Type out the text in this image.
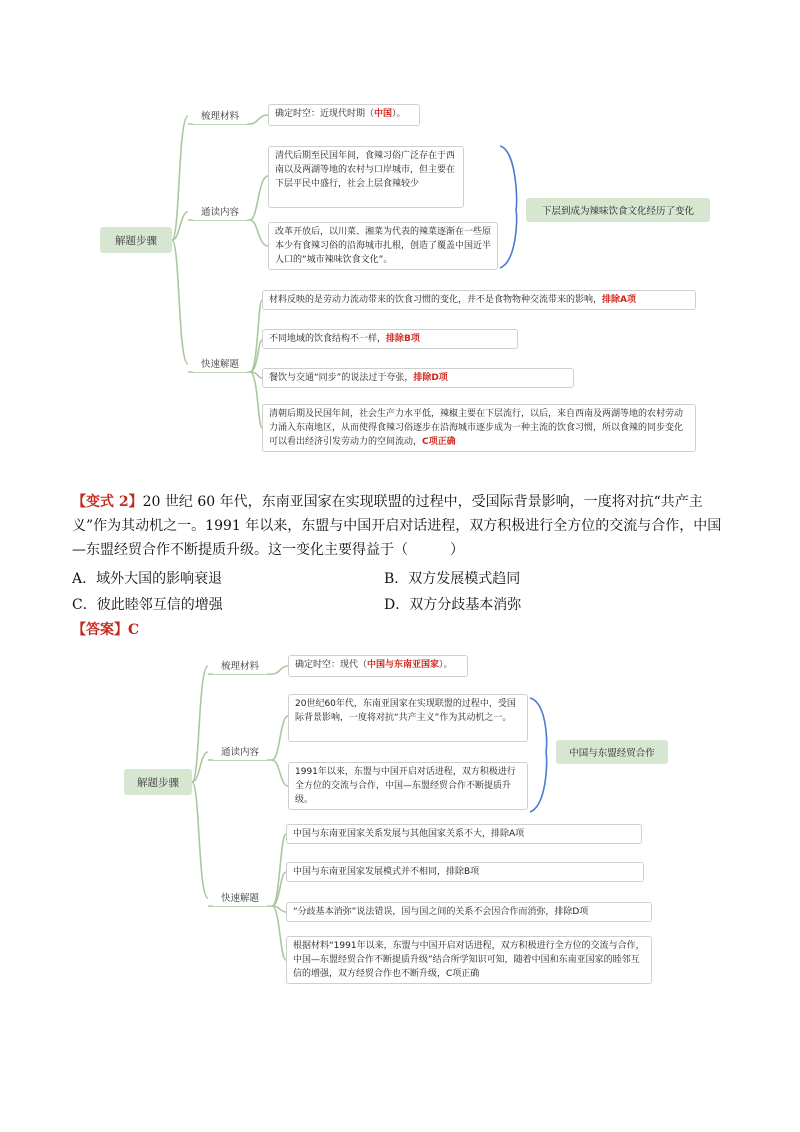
解题步骤
梳理材料
通读内容
快速解题
确定时空：近现代时期（中国）。
清代后期至民国年间，食辣习俗广泛存在于西南以及两湖等地的农村与口岸城市，但主要在下层平民中盛行，社会上层食辣较少
改革开放后，以川菜、湘菜为代表的辣菜逐渐在一些原本少有食辣习俗的沿海城市扎根，创造了覆盖中国近半人口的“城市辣味饮食文化”。
下层到成为辣味饮食文化经历了变化
材料反映的是劳动力流动带来的饮食习惯的变化，并不是食物物种交流带来的影响，排除A项
不同地域的饮食结构不一样，排除B项
餐饮与交通“同步”的说法过于夸张，排除D项
清朝后期及民国年间，社会生产力水平低，辣椒主要在下层流行，以后，来自西南及两湖等地的农村劳动力涌入东南地区，从而使得食辣习俗逐步在沿海城市逐步成为一种主流的饮食习惯，所以食辣的同步变化可以看出经济引发劳动力的空间流动，C项正确
【变式 2】20 世纪 60 年代，东南亚国家在实现联盟的过程中，受国际背景影响，一度将对抗“共产主义”作为其动机之一。1991 年以来，东盟与中国开启对话进程，双方积极进行全方位的交流与合作，中国—东盟经贸合作不断提质升级。这一变化主要得益于（　　　）
A．域外大国的影响衰退	B．双方发展模式趋同
C．彼此睦邻互信的增强	D．双方分歧基本消弥
【答案】C
解题步骤
梳理材料
通读内容
快速解题
确定时空：现代（中国与东南亚国家）。
20世纪60年代，东南亚国家在实现联盟的过程中，受国际背景影响，一度将对抗“共产主义”作为其动机之一。
1991年以来，东盟与中国开启对话进程，双方积极进行全方位的交流与合作，中国—东盟经贸合作不断提质升级。
中国与东盟经贸合作
中国与东南亚国家关系发展与其他国家关系不大，排除A项
中国与东南亚国家发展模式并不相同，排除B项
“分歧基本消弥”说法错误，国与国之间的关系不会因合作而消弥，排除D项
根据材料“1991年以来，东盟与中国开启对话进程，双方积极进行全方位的交流与合作，中国—东盟经贸合作不断提质升级”结合所学知识可知，随着中国和东南亚国家的睦邻互信的增强，双方经贸合作也不断升级，C项正确
